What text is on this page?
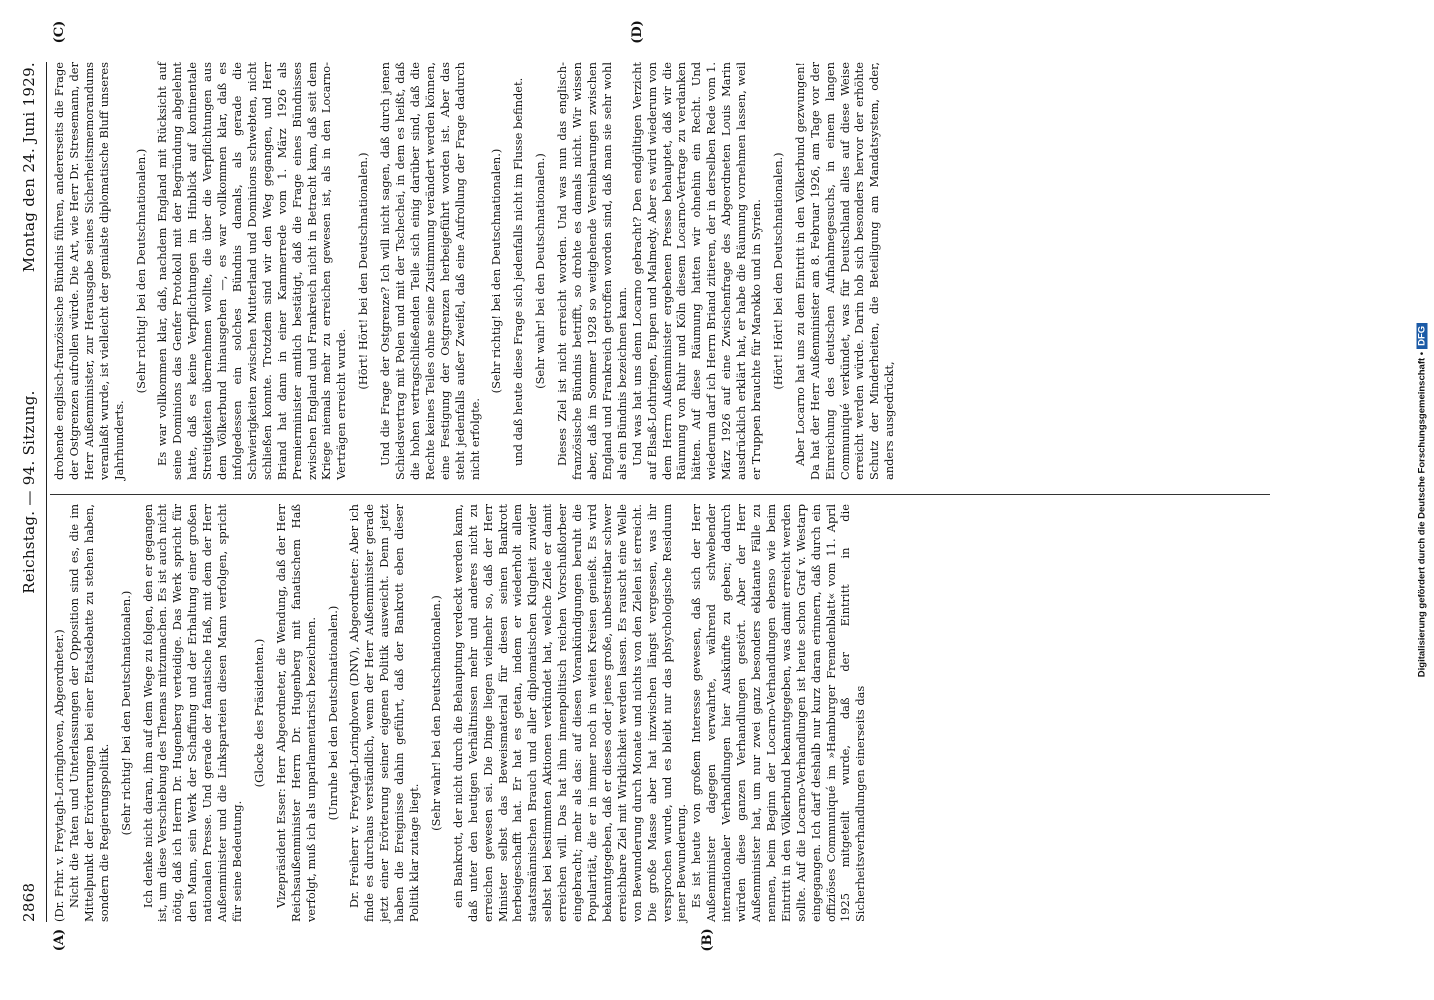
2868
Reichstag. — 94. Sitzung.
Montag den 24. Juni 1929.
(A)	(B)
(C)	(D)

(Dr. Frhr. v. Freytagh-Loringhoven, Abgeordneter.) Nicht die Taten und Unterlassungen der Opposition sind es, die im Mittelpunkt der Erörterungen bei einer Etatsdebatte zu stehen haben, sondern die Regierungspolitik. (Sehr richtig! bei den Deutschnationalen.) Ich denke nicht daran, ihm auf dem Wege zu folgen, den er gegangen ist, um diese Verschiebung des Themas mitzumachen. Es ist auch nicht nötig, daß ich Herrn Dr. Hugenberg verteidige. Das Werk spricht für den Mann, sein Werk der Schaffung und der Erhaltung einer großen nationalen Presse. Und gerade der fanatische Haß, mit dem der Herr Außenminister und die Linksparteien diesen Mann verfolgen, spricht für seine Bedeutung.

(Glocke des Präsidenten.) Vizepräsident Esser: Herr Abgeordneter, die Wendung, daß der Herr Reichsaußenminister Herrn Dr. Hugenberg mit fanatischem Haß verfolgt, muß ich als unparlamentarisch bezeichnen. (Unruhe bei den Deutschnationalen.) Dr. Freiherr v. Freytagh-Loringhoven (DNV), Abgeordneter: Aber ich finde es durchaus verständlich, wenn der Herr Außenminister gerade jetzt einer Erörterung seiner eigenen Politik ausweicht. Denn jetzt haben die Ereignisse dahin geführt, daß der Bankrott eben dieser Politik klar zutage liegt.

(Sehr wahr! bei den Deutschnationalen.) ein Bankrott, der nicht durch die Behauptung verdeckt werden kann, daß unter den heutigen Verhältnissen mehr und anderes nicht zu erreichen gewesen sei. Die Dinge liegen vielmehr so, daß der Herr Minister selbst das Beweismaterial für diesen seinen Bankrott herbeigeschafft hat. Er hat es getan, indem er wiederholt allem staatsmännischen Brauch und aller diplomatischen Klugheit zuwider selbst bei bestimmten Aktionen verkündet hat, welche Ziele er damit erreichen will. Das hat ihm innenpolitisch reichen Vorschußlorbeer eingebracht; mehr als das: auf diesen Vorankündigungen beruht die Popularität, die er in immer noch in weiten Kreisen genießt. Es wird bekanntgegeben, daß er dieses oder jenes große, unbestreitbar schwer erreichbare Ziel mit Wirklichkeit werden lassen. Es rauscht eine Welle von Bewunderung durch Monate und nichts von den Zielen ist erreicht. Die große Masse aber hat inzwischen längst vergessen, was ihr versprochen wurde, und es bleibt nur das phsychologische Residuum jener Bewunderung. Es ist heute von großem Interesse gewesen, daß sich der Herr Außenminister dagegen verwahrte, während schwebender internationaler Verhandlungen hier Auskünfte zu geben; dadurch würden diese ganzen Verhandlungen gestört. Aber der Herr Außenminister hat, um nur zwei ganz besonders eklatante Fälle zu nennen, beim Beginn der Locarno-Verhandlungen ebenso wie beim Eintritt in den Völkerbund bekanntgegeben, was damit erreicht werden sollte. Auf die Locarno-Verhandlungen ist heute schon Graf v. Westarp eingegangen. Ich darf deshalb nur kurz daran erinnern, daß durch ein offiziöses Communiqué im »Hamburger Fremdenblatt« vom 11. April 1925 mitgeteilt wurde, daß der Eintritt in die Sicherheitsverhandlungen einerseits das

drohende englisch-französische Bündnis führen, andererseits die Frage der Ostgrenzen aufrollen würde. Die Art, wie Herr Dr. Stresemann, der Herr Außenminister, zur Herausgabe seines Sicherheitsmemorandums veranlaßt wurde, ist vielleicht der genialste diplomatische Bluff unseres Jahrhunderts.

(Sehr richtig! bei den Deutschnationalen.) Es war vollkommen klar, daß, nachdem England mit Rücksicht auf seine Dominions das Genfer Protokoll mit der Begründung abgelehnt hatte, daß es keine Verpflichtungen im Hinblick auf kontinentale Streitigkeiten übernehmen wollte, die über die Verpflichtungen aus dem Völkerbund hinausgehen —, es war vollkommen klar, daß es infolgedessen ein solches Bündnis damals, als gerade die Schwierigkeiten zwischen Mutterland und Dominions schwebten, nicht schließen konnte. Trotzdem sind wir den Weg gegangen, und Herr Briand hat dann in einer Kammerrede vom 1. März 1926 als Premierminister amtlich bestätigt, daß die Frage eines Bündnisses zwischen England und Frankreich nicht in Betracht kam, daß seit dem Kriege niemals mehr zu erreichen gewesen ist, als in den Locarno-Verträgen erreicht wurde.

(Hört! Hört! bei den Deutschnationalen.) Und die Frage der Ostgrenze? Ich will nicht sagen, daß durch jenen Schiedsvertrag mit Polen und mit der Tschechei, in dem es heißt, daß die hohen vertragschließenden Teile sich einig darüber sind, daß die Rechte keines Teiles ohne seine Zustimmung verändert werden können, eine Festigung der Ostgrenzen herbeigeführt worden ist. Aber das steht jedenfalls außer Zweifel, daß eine Aufrollung der Frage dadurch nicht erfolgte.

(Sehr richtig! bei den Deutschnationalen.) und daß heute diese Frage sich jedenfalls nicht im Flusse befindet. (Sehr wahr! bei den Deutschnationalen.) Dieses Ziel ist nicht erreicht worden. Und was nun das englisch-französische Bündnis betrifft, so drohte es damals nicht. Wir wissen aber, daß im Sommer 1928 so weitgehende Vereinbarungen zwischen England und Frankreich getroffen worden sind, daß man sie sehr wohl als ein Bündnis bezeichnen kann. Und was hat uns denn Locarno gebracht? Den endgültigen Verzicht auf Elsaß-Lothringen, Eupen und Malmedy. Aber es wird wiederum von dem Herrn Außenminister ergebenen Presse behauptet, daß wir die Räumung von Ruhr und Köln diesem Locarno-Vertrage zu verdanken hätten. Auf diese Räumung hatten wir ohnehin ein Recht. Und wiederum darf ich Herrn Briand zitieren, der in derselben Rede vom 1. März 1926 auf eine Zwischenfrage des Abgeordneten Louis Marin ausdrücklich erklärt hat, er habe die Räumung vornehmen lassen, weil er Truppen brauchte für Marokko und in Syrien. (Hört! Hört! bei den Deutschnationalen.) Aber Locarno hat uns zu dem Eintritt in den Völkerbund gezwungen! Da hat der Herr Außenminister am 8. Februar 1926, am Tage vor der Einreichung des deutschen Aufnahmegesuchs, in einem langen Communiqué verkündet, was für Deutschland alles auf diese Weise erreicht werden würde. Darin hob sich besonders hervor der erhöhte Schutz der Minderheiten, die Beteiligung am Mandatsystem, oder, anders ausgedrückt,	Digitalisierung gefördert durch die Deutsche Forschungsgemeinschaft •DFG
